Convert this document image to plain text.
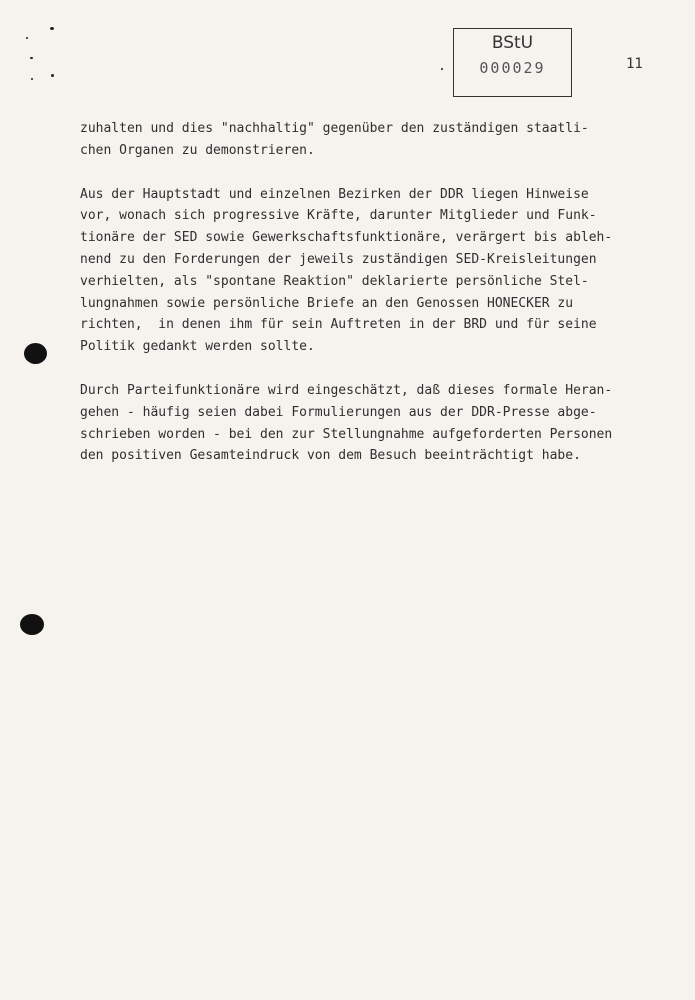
BStU
000029	11

zuhalten und dies "nachhaltig" gegenüber den zuständigen staatli-
chen Organen zu demonstrieren.

Aus der Hauptstadt und einzelnen Bezirken der DDR liegen Hinweise
vor, wonach sich progressive Kräfte, darunter Mitglieder und Funk-
tionäre der SED sowie Gewerkschaftsfunktionäre, verärgert bis ableh-
nend zu den Forderungen der jeweils zuständigen SED-Kreisleitungen
verhielten, als "spontane Reaktion" deklarierte persönliche Stel-
lungnahmen sowie persönliche Briefe an den Genossen HONECKER zu
richten,  in denen ihm für sein Auftreten in der BRD und für seine
Politik gedankt werden sollte.

Durch Parteifunktionäre wird eingeschätzt, daß dieses formale Heran-
gehen - häufig seien dabei Formulierungen aus der DDR-Presse abge-
schrieben worden - bei den zur Stellungnahme aufgeforderten Personen
den positiven Gesamteindruck von dem Besuch beeinträchtigt habe.
